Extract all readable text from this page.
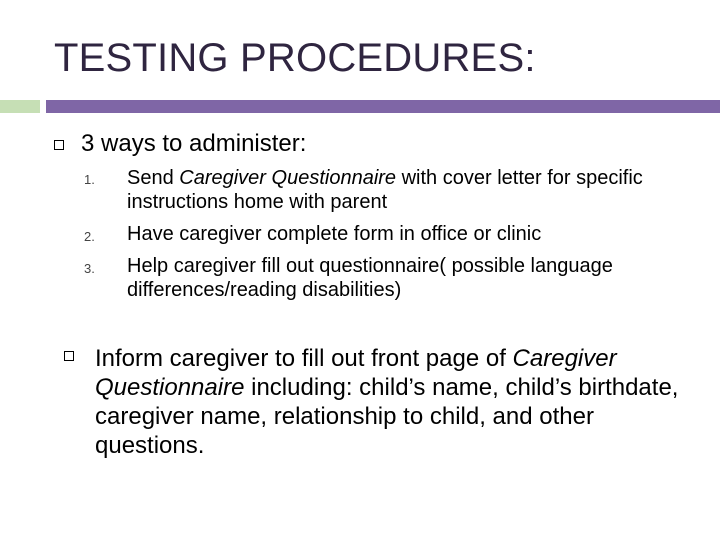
TESTING PROCEDURES:
3 ways to administer:
1. Send Caregiver Questionnaire with cover letter for specific instructions home with parent
2. Have caregiver complete form in office or clinic
3. Help caregiver fill out questionnaire( possible language differences/reading disabilities)
Inform caregiver to fill out front page of Caregiver Questionnaire including: child’s name, child’s birthdate, caregiver name, relationship to child, and other questions.
